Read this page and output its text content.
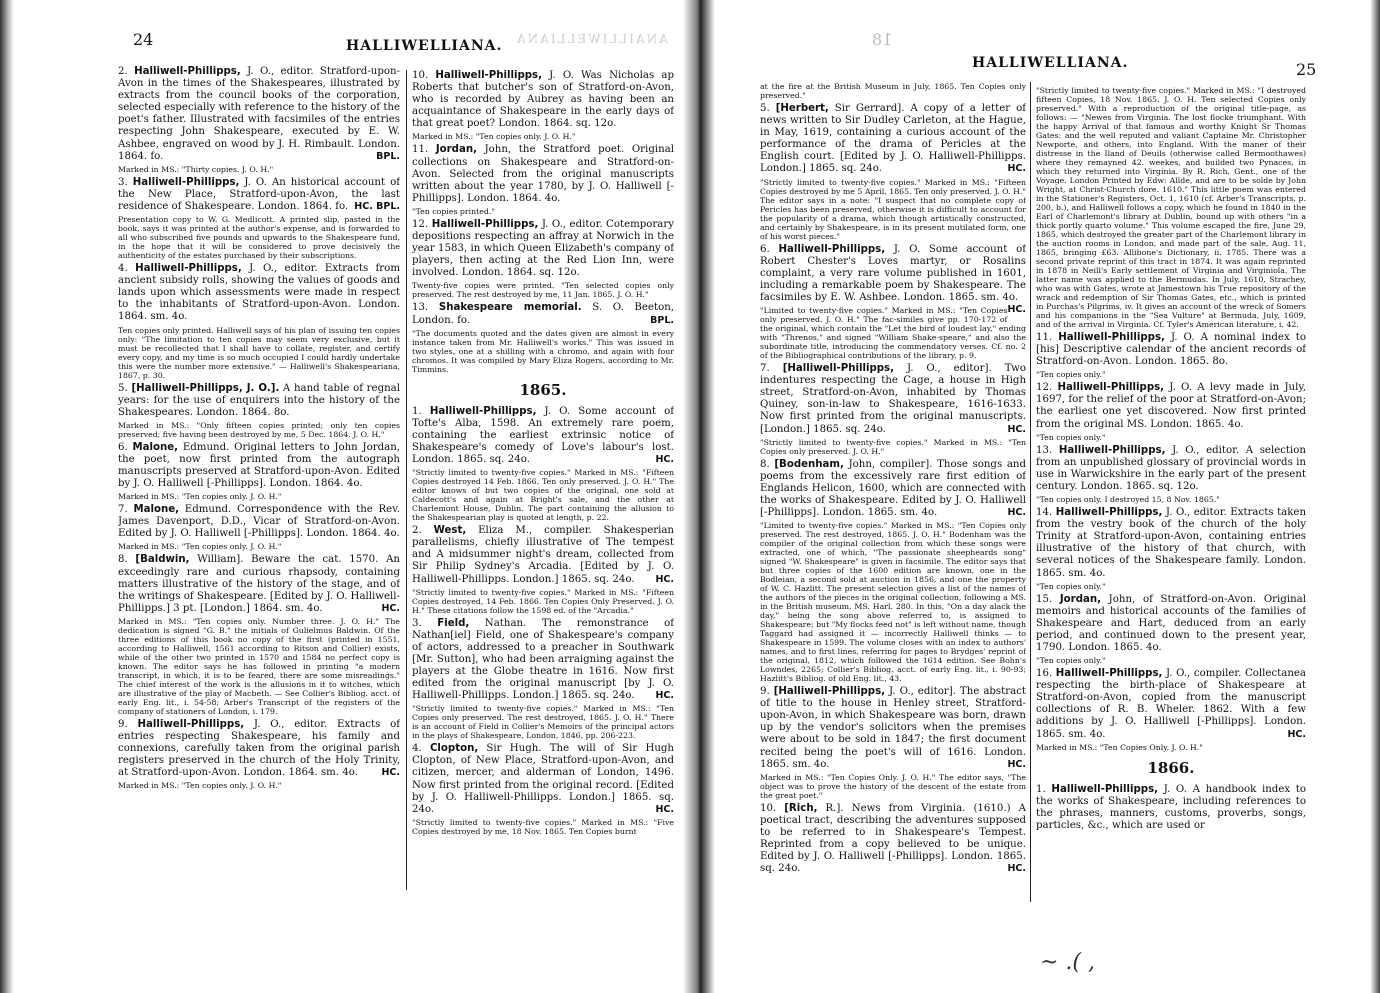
ANAILLIWELLIANA	18
24	HALLIWELLIANA.
HALLIWELLIANA.	25

2. Halliwell-Phillipps, J. O., editor. Stratford-upon-Avon in the times of the Shakespeares, illustrated by extracts from the council books of the corporation, selected especially with reference to the history of the poet's father. Illustrated with facsimiles of the entries respecting John Shakespeare, executed by E. W. Ashbee, engraved on wood by J. H. Rimbault. London. 1864. fo.	BPL.

Marked in MS.: "Thirty copies. J. O. H."

3. Halliwell-Phillipps, J. O. An historical account of the New Place, Stratford-upon-Avon, the last residence of Shakespeare. London. 1864. fo. HC. BPL.

Presentation copy to W. G. Medlicott. A printed slip, pasted in the book, says it was printed at the author's expense, and is forwarded to all who subscribed five pounds and upwards to the Shakespeare fund, in the hope that it will be considered to prove decisively the authenticity of the estates purchased by their subscriptions.

4. Halliwell-Phillipps, J. O., editor. Extracts from ancient subsidy rolls, showing the values of goods and lands upon which assessments were made in respect to the inhabitants of Stratford-upon-Avon. London. 1864. sm. 4o.

Ten copies only printed. Halliwell says of his plan of issuing ten copies only: "The limitation to ten copies may seem very exclusive, but it must be recollected that I shall have to collate, register, and certify every copy, and my time is so much occupied I could hardly undertake this were the number more extensive." — Halliwell's Shakespeariana, 1867, p. 30.

5. [Halliwell-Phillipps, J. O.]. A hand table of regnal years: for the use of enquirers into the history of the Shakespeares. London. 1864. 8o.

Marked in MS.: "Only fifteen copies printed; only ten copies preserved; five having been destroyed by me, 5 Dec. 1864. J. O. H."

6. Malone, Edmund. Original letters to John Jordan, the poet, now first printed from the autograph manuscripts preserved at Stratford-upon-Avon. Edited by J. O. Halliwell [-Phillipps]. London. 1864. 4o.

Marked in MS.: "Ten copies only. J. O. H."

7. Malone, Edmund. Correspondence with the Rev. James Davenport, D.D., Vicar of Stratford-on-Avon. Edited by J. O. Halliwell [-Phillipps]. London. 1864. 4o.

Marked in MS.: "Ten copies only. J. O. H."

8. [Baldwin, William]. Beware the cat. 1570. An exceedingly rare and curious rhapsody, containing matters illustrative of the history of the stage, and of the writings of Shakespeare. [Edited by J. O. Halliwell-Phillipps.] 3 pt. [London.] 1864. sm. 4o.	HC.

Marked in MS.: "Ten copies only. Number three. J. O. H." The dedication is signed "G. B." the initials of Gulielmus Baldwin. Of the three editions of this book no copy of the first (printed in 1551, according to Halliwell, 1561 according to Ritson and Collier) exists, while of the other two printed in 1570 and 1584 no perfect copy is known. The editor says he has followed in printing "a modern transcript, in which, it is to be feared, there are some misreadings." The chief interest of the work is the allusions in it to witches, which are illustrative of the play of Macbeth. — See Collier's Bibliog. acct. of early Eng. lit., i. 54-58; Arber's Transcript of the registers of the company of stationers of London, i. 179.

9. Halliwell-Phillipps, J. O., editor. Extracts of entries respecting Shakespeare, his family and connexions, carefully taken from the original parish registers preserved in the church of the Holy Trinity, at Stratford-upon-Avon. London. 1864. sm. 4o. HC.

Marked in MS.: "Ten copies only. J. O. H."

10. Halliwell-Phillipps, J. O. Was Nicholas ap Roberts that butcher's son of Stratford-on-Avon, who is recorded by Aubrey as having been an acquaintance of Shakespeare in the early days of that great poet? London. 1864. sq. 12o.

Marked in MS.: "Ten copies only. J. O. H."

11. Jordan, John, the Stratford poet. Original collections on Shakespeare and Stratford-on-Avon. Selected from the original manuscripts written about the year 1780, by J. O. Halliwell [-Phillipps]. London. 1864. 4o.

"Ten copies printed."

12. Halliwell-Phillipps, J. O., editor. Cotemporary depositions respecting an affray at Norwich in the year 1583, in which Queen Elizabeth's company of players, then acting at the Red Lion Inn, were involved. London. 1864. sq. 12o.

Twenty-five copies were printed. "Ten selected copies only preserved. The rest destroyed by me, 11 Jan. 1865. J. O. H."

13. Shakespeare memorial. S. O. Beeton, London. fo.	BPL.

"The documents quoted and the dates given are almost in every instance taken from Mr. Halliwell's works." This was issued in two styles, one at a shilling with a chromo, and again with four chromos. It was compiled by Mary Eliza Rogers, according to Mr. Timmins.

1865.

1. Halliwell-Phillipps, J. O. Some account of Tofte's Alba, 1598. An extremely rare poem, containing the earliest extrinsic notice of Shakespeare's comedy of Love's labour's lost. London. 1865. sq. 24o.	HC.

"Strictly limited to twenty-five copies." Marked in MS.: "Fifteen Copies destroyed 14 Feb. 1866. Ten only preserved. J. O. H." The editor knows of but two copies of the original, one sold at Caldecott's and again at Bright's sale, and the other at Charlemont House, Dublin. The part containing the allusion to the Shakespearian play is quoted at length, p. 22.

2. West, Eliza M., compiler. Shakesperian parallelisms, chiefly illustrative of The tempest and A midsummer night's dream, collected from Sir Philip Sydney's Arcadia. [Edited by J. O. Halliwell-Phillipps. London.] 1865. sq. 24o. HC.

"Strictly limited to twenty-five copies." Marked in MS.: "Fifteen Copies destroyed, 14 Feb. 1866. Ten Copies Only Preserved. J. O. H." These citations follow the 1598 ed. of the "Arcadia."

3. Field, Nathan. The remonstrance of Nathan[iel] Field, one of Shakespeare's company of actors, addressed to a preacher in Southwark [Mr. Sutton], who had been arraigning against the players at the Globe theatre in 1616. Now first edited from the original manuscript [by J. O. Halliwell-Phillipps. London.] 1865. sq. 24o. HC.

"Strictly limited to twenty-five copies." Marked in MS.: "Ten Copies only preserved. The rest destroyed, 1865. J. O. H." There is an account of Field in Collier's Memoirs of the principal actors in the plays of Shakespeare, London, 1846, pp. 206-223.

4. Clopton, Sir Hugh. The will of Sir Hugh Clopton, of New Place, Stratford-upon-Avon, and citizen, mercer, and alderman of London, 1496. Now first printed from the original record. [Edited by J. O. Halliwell-Phillipps. London.] 1865. sq. 24o.	HC.

"Strictly limited to twenty-five copies." Marked in MS.: "Five Copies destroyed by me, 18 Nov. 1865. Ten Copies burnt

at the fire at the British Museum in July, 1865. Ten Copies only preserved."

5. [Herbert, Sir Gerrard]. A copy of a letter of news written to Sir Dudley Carleton, at the Hague, in May, 1619, containing a curious account of the performance of the drama of Pericles at the English court. [Edited by J. O. Halliwell-Phillipps. London.] 1865. sq. 24o.	HC.

"Strictly limited to twenty-five copies." Marked in MS.: "Fifteen Copies destroyed by me 5 April, 1865. Ten only preserved. J. O. H." The editor says in a note: "I suspect that no complete copy of Pericles has been preserved, otherwise it is difficult to account for the popularity of a drama, which though artistically constructed, and certainly by Shakespeare, is in its present mutilated form, one of his worst pieces."

6. Halliwell-Phillipps, J. O. Some account of Robert Chester's Loves martyr, or Rosalins complaint, a very rare volume published in 1601, including a remarkable poem by Shakespeare. The facsimiles by E. W. Ashbee. London. 1865. sm. 4o.
HC.

"Limited to twenty-five copies." Marked in MS.: "Ten Copies only preserved. J. O. H." The fac-similes give pp. 170-172 of the original, which contain the "Let the bird of loudest lay," ending with "Threnos," and signed "William Shake-speare," and also the subordinate title, introducing the commendatory verses. Cf. no. 2 of the Bibliographical contributions of the library, p. 9.

7. [Halliwell-Phillipps, J. O., editor]. Two indentures respecting the Cage, a house in High street, Stratford-on-Avon, inhabited by Thomas Quiney, son-in-law to Shakespeare, 1616-1633. Now first printed from the original manuscripts. [London.] 1865. sq. 24o.	HC.

"Strictly limited to twenty-five copies." Marked in MS.: "Ten Copies only preserved. J. O. H."

8. [Bodenham, John, compiler]. Those songs and poems from the excessively rare first edition of Englands Helicon, 1600, which are connected with the works of Shakespeare. Edited by J. O. Halliwell [-Phillipps]. London. 1865. sm. 4o.	HC.

"Limited to twenty-five copies." Marked in MS.: "Ten Copies only preserved. The rest destroyed, 1865. J. O. H." Bodenham was the compiler of the original collection from which these songs were extracted, one of which, "The passionate sheepheards song" signed "W. Shakespeare" is given in facsimile. The editor says that but three copies of the 1600 edition are known, one in the Bodleian, a second sold at auction in 1856, and one the property of W. C. Hazlitt. The present selection gives a list of the names of the authors of the pieces in the original collection, following a MS. in the British museum, MS. Harl. 280. In this, "On a day alack the day," being the song above referred to, is assigned to Shakespeare; but "My flocks feed not" is left without name, though Taggard had assigned it — incorrectly Halliwell thinks — to Shakespeare in 1599. The volume closes with an index to authors' names, and to first lines, referring for pages to Brydges' reprint of the original, 1812, which followed the 1614 edition. See Bohn's Lowndes, 2265; Collier's Bibliog. acct. of early Eng. lit., i. 90-93; Hazlitt's Bibliog. of old Eng. lit., 43.

9. [Halliwell-Phillipps, J. O., editor]. The abstract of title to the house in Henley street, Stratford-upon-Avon, in which Shakespeare was born, drawn up by the vendor's solicitors when the premises were about to be sold in 1847; the first document recited being the poet's will of 1616. London. 1865. sm. 4o.	HC.

Marked in MS.: "Ten Copies Only. J. O. H." The editor says, "The object was to prove the history of the descent of the estate from the great poet."

10. [Rich, R.]. News from Virginia. (1610.) A poetical tract, describing the adventures supposed to be referred to in Shakespeare's Tempest. Reprinted from a copy believed to be unique. Edited by J. O. Halliwell [-Phillipps]. London. 1865. sq. 24o.	HC.

"Strictly limited to twenty-five copies." Marked in MS.: "I destroyed fifteen Copies, 18 Nov. 1865. J. O. H. Ten selected Copies only preserved." With a reproduction of the original title-page, as follows: — "Newes from Virginia. The lost flocke triumphant. With the happy Arrival of that famous and worthy Knight Sr Thomas Gates: and the well reputed and valiant Captaine Mr. Christopher Newporte, and others, into England. With the maner of their distresse in the Iland of Deuils (otherwise called Bermoothawes) where they remayned 42. weekes, and builded two Pynaces, in which they returned into Virginia. By R. Rich, Gent., one of the Voyage. London Printed by Edw: Allde, and are to be solde by John Wright, at Christ-Church dore. 1610." This little poem was entered in the Stationer's Registers, Oct. 1, 1610 (cf. Arber's Transcripts, p. 200, b.), and Halliwell follows a copy, which he found in 1840 in the Earl of Charlemont's library at Dublin, bound up with others "in a thick portly quarto volume." This volume escaped the fire, June 29, 1865, which destroyed the greater part of the Charlemont library in the auction rooms in London, and made part of the sale, Aug. 11, 1865, bringing £63. Allibone's Dictionary, ii. 1785. There was a second private reprint of this tract in 1874. It was again reprinted in 1878 in Neill's Early settlement of Virginia and Virginiola. The latter name was applied to the Bermudas. In July, 1610, Strachey, who was with Gates, wrote at Jamestown his True repository of the wrack and redemption of Sir Thomas Gates, etc., which is printed in Purchas's Pilgrims, iv. It gives an account of the wreck of Somers and his companions in the "Sea Vulture" at Bermuda, July, 1609, and of the arrival in Virginia. Cf. Tyler's American literature, i. 42.

11. Halliwell-Phillipps, J. O. A nominal index to [his] Descriptive calendar of the ancient records of Stratford-on-Avon. London. 1865. 8o.

"Ten copies only."

12. Halliwell-Phillipps, J. O. A levy made in July, 1697, for the relief of the poor at Stratford-on-Avon; the earliest one yet discovered. Now first printed from the original MS. London. 1865. 4o.

"Ten copies only."

13. Halliwell-Phillipps, J. O., editor. A selection from an unpublished glossary of provincial words in use in Warwickshire in the early part of the present century. London. 1865. sq. 12o.

"Ten copies only. I destroyed 15, 8 Nov. 1865."

14. Halliwell-Phillipps, J. O., editor. Extracts taken from the vestry book of the church of the holy Trinity at Stratford-upon-Avon, containing entries illustrative of the history of that church, with several notices of the Shakespeare family. London. 1865. sm. 4o.

"Ten copies only."

15. Jordan, John, of Stratford-on-Avon. Original memoirs and historical accounts of the families of Shakespeare and Hart, deduced from an early period, and continued down to the present year, 1790. London. 1865. 4o.

"Ten copies only."

16. Halliwell-Phillipps, J. O., compiler. Collectanea respecting the birth-place of Shakespeare at Stratford-on-Avon, copied from the manuscript collections of R. B. Wheler. 1862. With a few additions by J. O. Halliwell [-Phillipps]. London. 1865. sm. 4o.	HC.

Marked in MS.: "Ten Copies Only. J. O. H."

1866.

1. Halliwell-Phillipps, J. O. A handbook index to the works of Shakespeare, including references to the phrases, manners, customs, proverbs, songs, particles, &c., which are used or

~ .( ,
